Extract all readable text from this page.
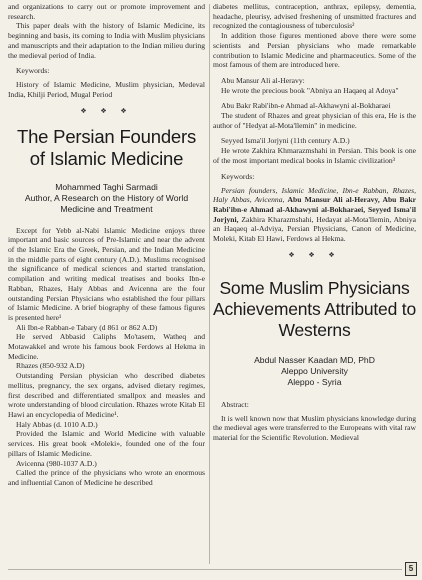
and organizations to carry out or promote improvement and research.

This paper deals with the history of Islamic Medicine, its beginning and basis, its coming to India with Muslim physicians and manuscripts and their adaptation to the Indian milieu during the medieval period of India.

Keywords:

History of Islamic Medicine, Muslim physician, Medeval India, Khilji Period, Mugal Period

❖ ❖ ❖
The Persian Founders of Islamic Medicine
Mohammed Taghi Sarmadi
Author, A Research on the History of World Medicine and Treatment

Except for Yebb al-Nabi Islamic Medicine enjoys three important and basic sources of Pre-Islamic and near the advent of the Islamic Era the Greek, Persian, and the Indian Medicine in the middle parts of eight century (A.D.). Muslims recognised the significance of medical sciences and started translation, compilation and writing medical treatises and books Ibn-e Rabban, Rhazes, Haly Abbas and Avicenna are the four outstanding Persian Physicians who established the four pillars of Islamic Medicine. A brief biography of these famous figures is presented here¹

Ali Ibn-e Rabban-e Tabary (d 861 or 862 A.D)

He served Abbasid Caliphs Mo'tasem, Watheq and Motawakkel and wrote his famous book Ferdows al Hekma in Medicine.

Rhazes (850-932 A.D)

Outstanding Persian physician who described diabetes mellitus, pregnancy, the sex organs, advised dietary regimes, first described and differentiated smallpox and measles and wrote understanding of blood circulation. Rhazes wrote Kitab El Hawi an encyclopedia of Medicine¹.

Haly Abbas (d. 1010 A.D.)

Provided the Islamic and World Medicine with valuable services. His great book «Moleki», founded one of the four pillars of Islamic Medicine.

Avicenna (980-1037 A.D.)

Called the prince of the physicians who wrote an enormous and influential Canon of Medicine he described

diabetes mellitus, contraception, anthrax, epilepsy, dementia, headache, pleurisy, advised freshening of unsmitted fractures and recognized the contagiousness of tuberculosis²

In addition those figures mentioned above there were some scientists and Persian physicians who made remarkable contribution to Islamic Medicine and pharmaceutics. Some of the most famous of them are introduced here.

Abu Mansur Ali al-Heravy:

He wrote the precious book "Abniya an Haqaeq al Adoya"

Abu Bakr Rabi'ibn-e Ahmad al-Akhawyni al-Bokharaei

The student of Rhazes and great physician of this era, He is the author of "Hedyat al-Mota'llemin" in medicine.

Seyyed Isma'il Jorjyni (11th century A.D.)

He wrote Zakhira Khmarazmshahi in Persian. This book is one of the most important medical books in Islamic civilization³

Keywords:

Persian founders, Islamic Medicine, Ibn-e Rabban, Rhazes, Haly Abbas, Avicenna, Abu Mansur Ali al-Heravy, Abu Bakr Rabi'ibn-e Ahmad al-Akhawyni al-Bokharaei, Seyyed Isma'il Jorjyni, Zakhira Kharazmshahi, Hedayat al-Mota'llemin, Abniya an Haqaeq al-Adviya, Persian Physicians, Canon of Medicine, Moleki, Kitab El Hawi, Ferdows al Hekma.

❖ ❖ ❖
Some Muslim Physicians Achievements Attributed to Westerns
Abdul Nasser Kaadan MD, PhD
Aleppo University
Aleppo - Syria

Abstract:

It is well known now that Muslim physicians knowledge during the medieval ages were transferred to the Europeans with vital raw material for the Scientific Revolution. Medieval

5
